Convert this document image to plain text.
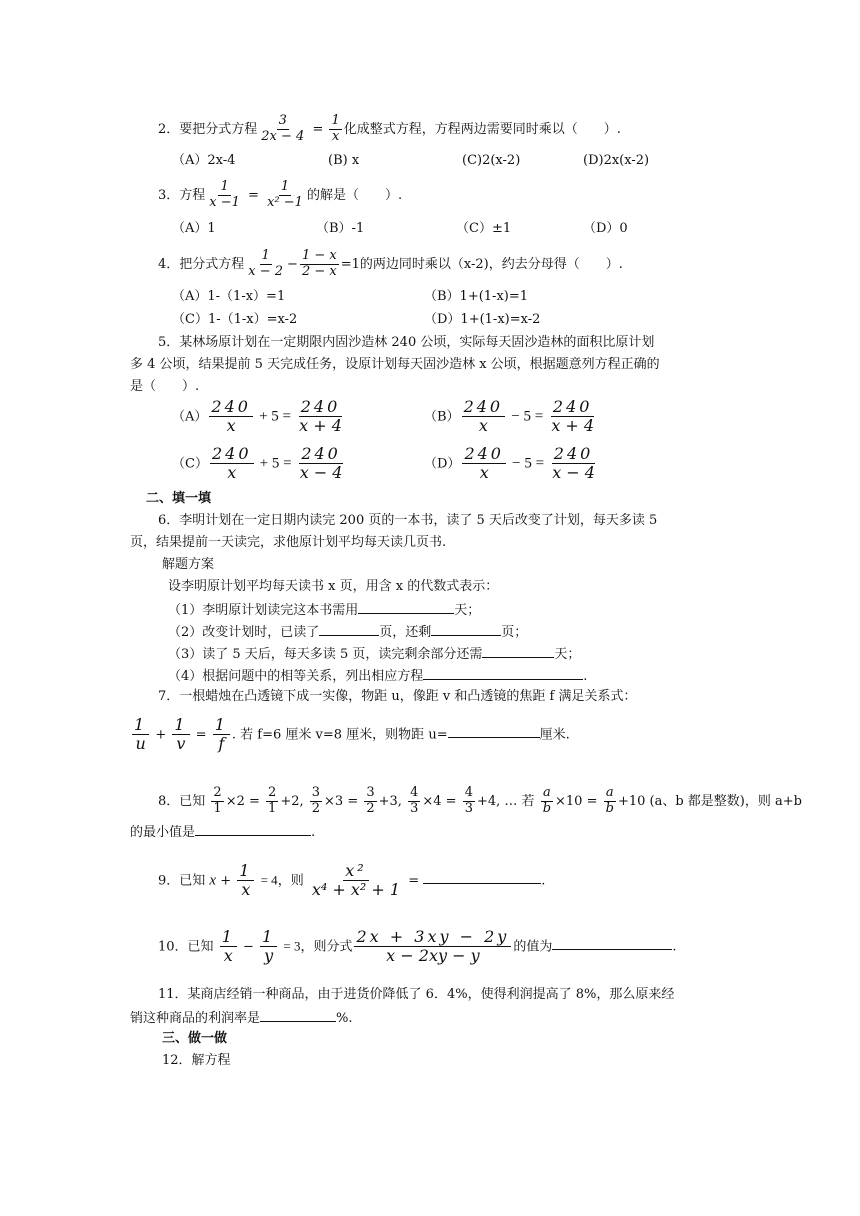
2．要把分式方程 $\frac{3}{2x - 4} = \frac{1}{x}$ 化成整式方程，方程两边需要同时乘以（　　）.
（A）2x-4	(B) x	(C)2(x-2)	(D)2x(x-2)
3．方程 $\frac{1}{x -1} = \frac{1}{\text{x² −1}}$ 的解是（　　）.
（A）1	（B）-1	（C）±1	（D）0
4．把分式方程 $\frac{1}{x - 2} - \frac{1 - x}{2 - x} =1$的两边同时乘以（x-2)，约去分母得（　　）.
（A）1-（1-x）=1	（B）1+(1-x)=1
（C）1-（1-x）=x-2	（D）1+(1-x)=x-2
5．某林场原计划在一定期限内固沙造林 240 公顷，实际每天固沙造林的面积比原计划
多 4 公顷，结果提前 5 天完成任务，设原计划每天固沙造林 x 公顷，根据题意列方程正确的
是（　　）.
$(A) \frac{240}{x} + 5 = \frac{240}{x + 4}$	$(B) \frac{240}{x} - 5 = \frac{240}{x + 4}$
$(C) \frac{240}{x} + 5 = \frac{240}{x - 4}$	$(D) \frac{240}{x} - 5 = \frac{240}{x - 4}$
二、填一填
6．李明计划在一定日期内读完 200 页的一本书，读了 5 天后改变了计划，每天多读 5
页，结果提前一天读完，求他原计划平均每天读几页书.
解题方案
设李明原计划平均每天读书 x 页，用含 x 的代数式表示：
（1）李明原计划读完这本书需用	天；
（2）改变计划时，已读了	页，还剩	页；
（3）读了 5 天后，每天多读 5 页，读完剩余部分还需	天；
（4）根据问题中的相等关系，列出相应方程	.
7．一根蜡烛在凸透镜下成一实像，物距 u，像距 v 和凸透镜的焦距 f 满足关系式：
$\frac{1}{u} + \frac{1}{v} = \frac{1}{f}$ . 若 f=6 厘米 v=8 厘米，则物距 u=	厘米.
8．已知 $\frac{2}{1} \times 2 = \frac{2}{1} +2$, $\frac{3}{2} \times 3 = \frac{3}{2} +3$, $\frac{4}{3} \times 4 = \frac{4}{3} +4$, … 若 $\frac{a}{b} \times 10 = \frac{a}{b} +10$ (a、b 都是整数)，则 a+b
的最小值是	.
9．已知 $x + \frac{1}{x} = 4$，则 $\frac{\text{x²}}{\text{x⁴ + x² + 1}}$ =	.
10．已知 $\frac{1}{x} - \frac{1}{y} = 3$，则分式 $\frac{2x + 3xy - 2y}{x - 2xy - y}$ 的值为	.
11．某商店经销一种商品，由于进货价降低了 6．4%，使得利润提高了 8%，那么原来经
销这种商品的利润率是	%.
三、做一做
12．解方程
